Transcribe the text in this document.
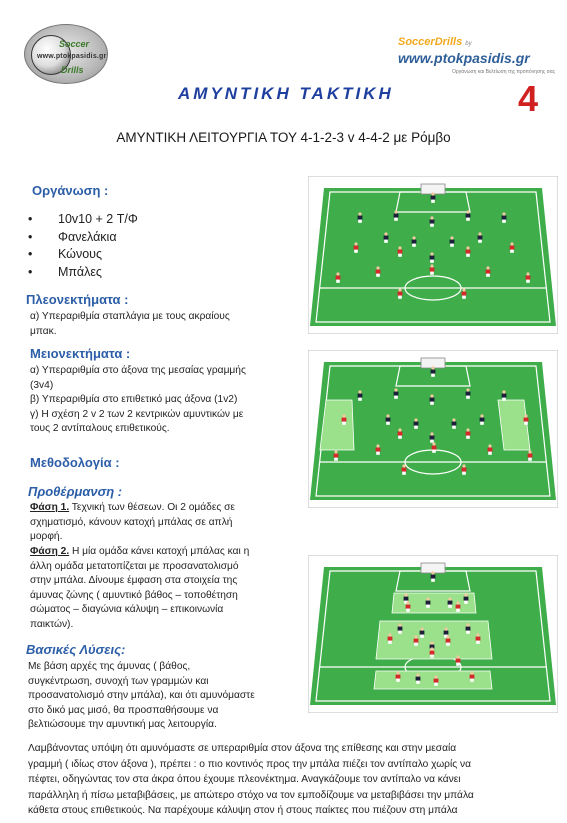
Soccer
www.ptokpasidis.gr
Drills
SoccerDrills by
www.ptokpasidis.gr
Οργάνωση και Βελτίωση της προπόνησης σας
4
ΑΜΥΝΤΙΚΗ ΤΑΚΤΙΚΗ
ΑΜΥΝΤΙΚΗ ΛΕΙΤΟΥΡΓΙΑ ΤΟΥ 4-1-2-3 v 4-4-2 με Ρόμβο
Οργάνωση :
• 10v10 + 2 Τ/Φ
• Φανελάκια
• Κώνους
• Μπάλες
Πλεονεκτήματα :
α) Υπεραριθμία σταπλάγια με τους ακραίους
μπακ.
Μειονεκτήματα :
α) Υπεραριθμία στο άξονα της μεσαίας γραμμής
(3v4)
β) Υπεραριθμία στο επιθετικό μας άξονα (1v2)
γ) Η σχέση 2 v 2 των 2 κεντρικών αμυντικών με
τους 2 αντίπαλους επιθετικούς.
Μεθοδολογία :
Προθέρμανση :
Φάση 1. Τεχνική των θέσεων. Οι 2 ομάδες σε
σχηματισμό, κάνουν κατοχή μπάλας σε απλή
μορφή.
Φάση 2. Η μία ομάδα κάνει κατοχή μπάλας και η
άλλη ομάδα μετατοπίζεται με προσανατολισμό
στην μπάλα. Δίνουμε έμφαση στα στοιχεία της
άμυνας ζώνης ( αμυντικό βάθος – τοποθέτηση
σώματος – διαγώνια κάλυψη – επικοινωνία
παικτών).
Βασικές Λύσεις:
Με βάση αρχές της άμυνας ( βάθος,
συγκέντρωση, συνοχή των γραμμών και
προσανατολισμό στην μπάλα), και ότι αμυνόμαστε
στο δικό μας μισό, θα προσπαθήσουμε να
βελτιώσουμε την αμυντική μας λειτουργία.
Λαμβάνοντας υπόψη ότι αμυνόμαστε σε υπεραριθμία στον άξονα της επίθεσης και στην μεσαία
γραμμή ( ιδίως στον άξονα ), πρέπει : ο πιο κοντινός προς την μπάλα πιέζει τον αντίπαλο χωρίς να
πέφτει, οδηγώντας τον στα άκρα όπου έχουμε πλεονέκτημα. Αναγκάζουμε τον αντίπαλο να κάνει
παράλληλη ή πίσω μεταβιβάσεις, με απώτερο στόχο να τον εμποδίζουμε να μεταβιβάσει την μπάλα
κάθετα στους επιθετικούς. Να παρέχουμε κάλυψη στον ή στους παίκτες που πιέζουν στη μπάλα
